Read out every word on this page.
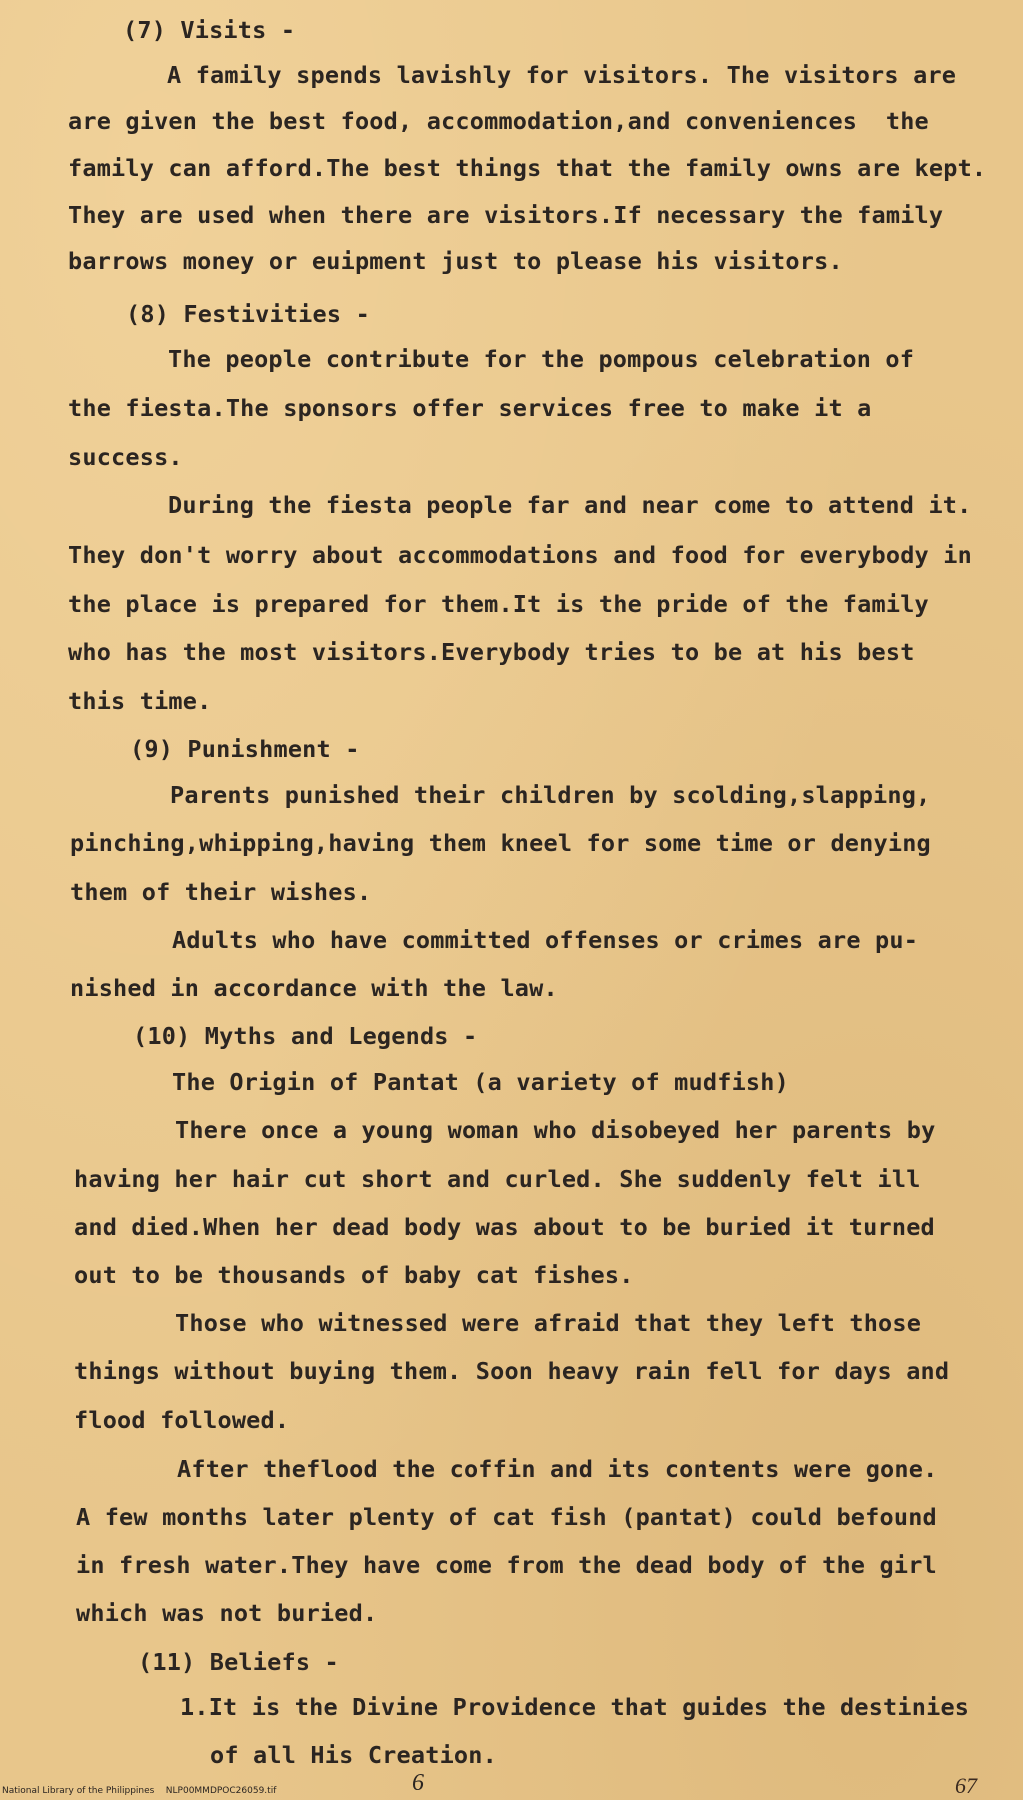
(7) Visits -
A family spends lavishly for visitors. The visitors are
are given the best food, accommodation,and conveniences  the
family can afford.The best things that the family owns are kept.
They are used when there are visitors.If necessary the family
barrows money or euipment just to please his visitors.
(8) Festivities -
The people contribute for the pompous celebration of
the fiesta.The sponsors offer services free to make it a
success.
During the fiesta people far and near come to attend it.
They don't worry about accommodations and food for everybody in
the place is prepared for them.It is the pride of the family
who has the most visitors.Everybody tries to be at his best
this time.
(9) Punishment -
Parents punished their children by scolding,slapping,
pinching,whipping,having them kneel for some time or denying
them of their wishes.
Adults who have committed offenses or crimes are pu-
nished in accordance with the law.
(10) Myths and Legends -
The Origin of Pantat (a variety of mudfish)
There once a young woman who disobeyed her parents by
having her hair cut short and curled. She suddenly felt ill
and died.When her dead body was about to be buried it turned
out to be thousands of baby cat fishes.
Those who witnessed were afraid that they left those
things without buying them. Soon heavy rain fell for days and
flood followed.
After theflood the coffin and its contents were gone.
A few months later plenty of cat fish (pantat) could befound
in fresh water.They have come from the dead body of the girl
which was not buried.
(11) Beliefs -
1.It is the Divine Providence that guides the destinies
of all His Creation.
6	67
National Library of the Philippines    NLP00MMDPOC26059.tif
